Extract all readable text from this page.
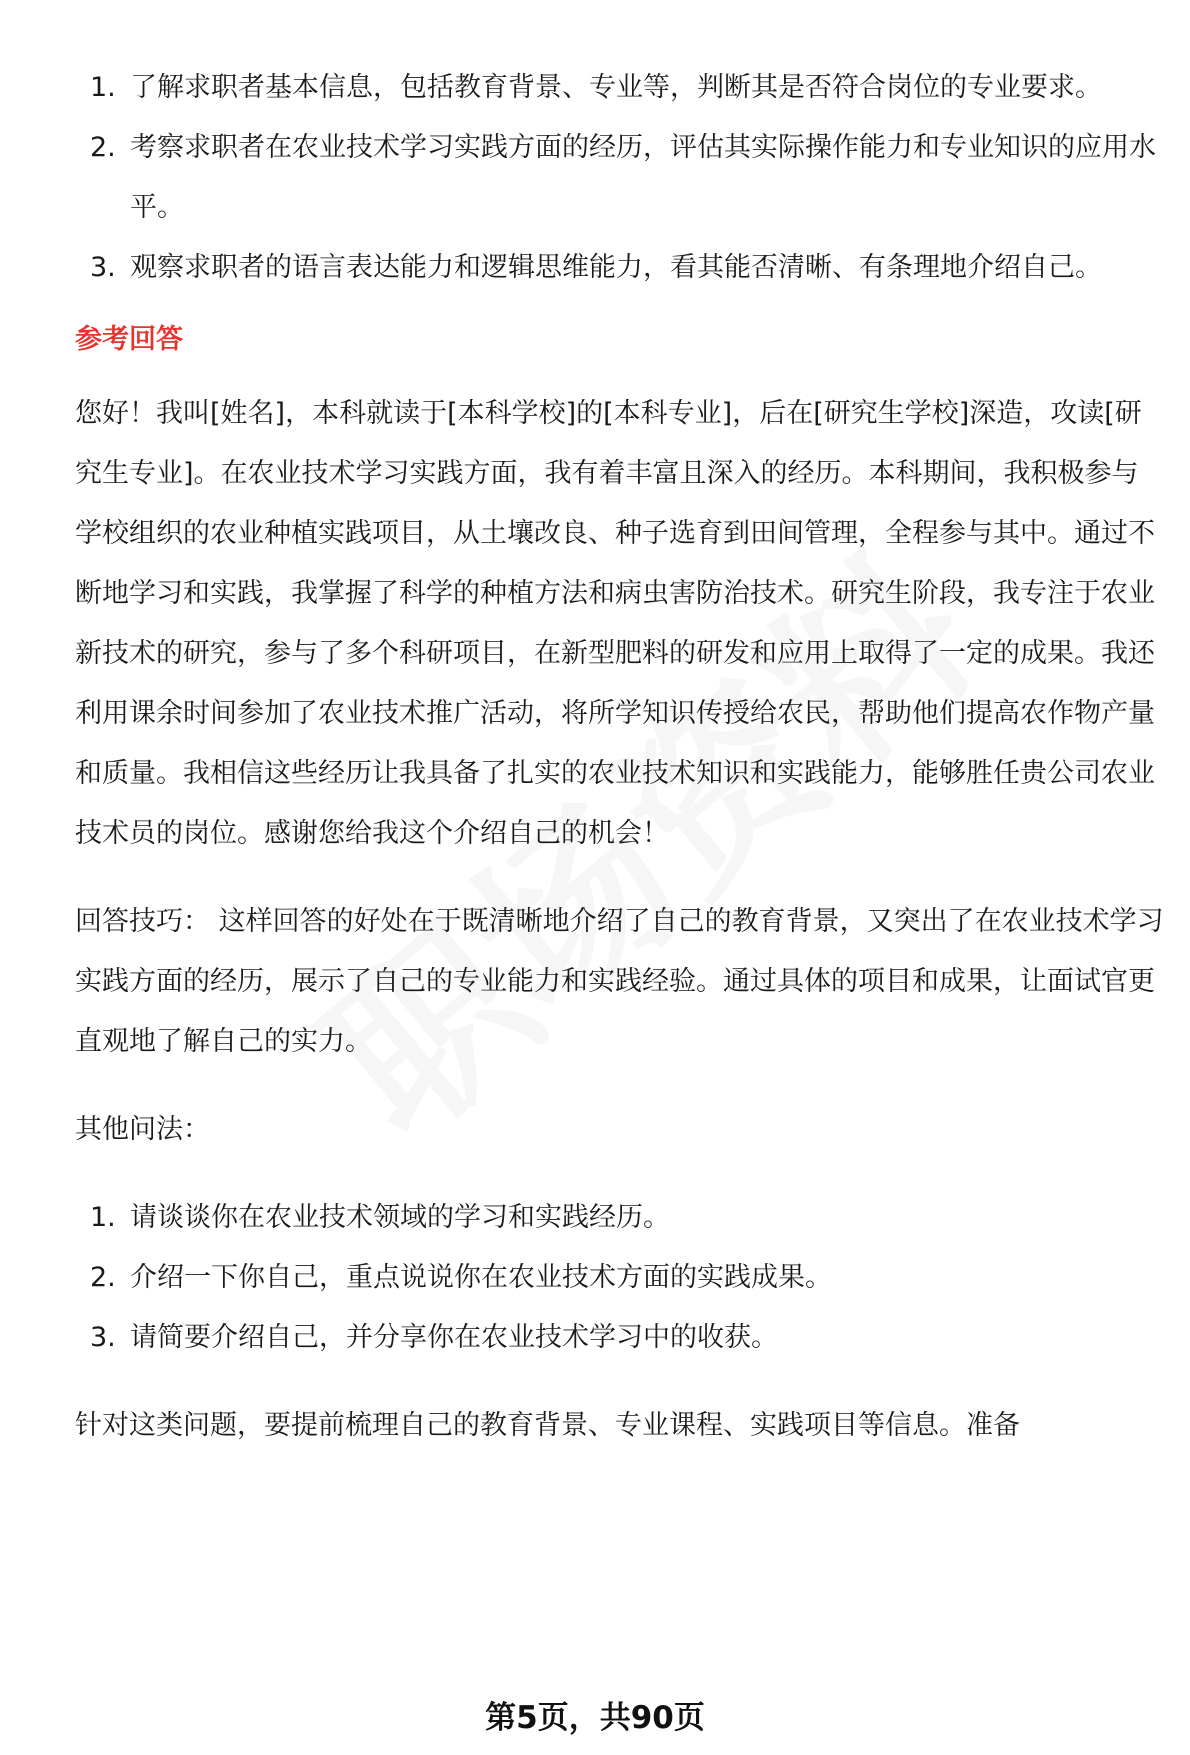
1. 了解求职者基本信息，包括教育背景、专业等，判断其是否符合岗位的专业要求。
2. 考察求职者在农业技术学习实践方面的经历，评估其实际操作能力和专业知识的应用水平。
3. 观察求职者的语言表达能力和逻辑思维能力，看其能否清晰、有条理地介绍自己。
参考回答

您好！我叫[姓名]，本科就读于[本科学校]的[本科专业]，后在[研究生学校]深造，攻读[研究生专业]。在农业技术学习实践方面，我有着丰富且深入的经历。本科期间，我积极参与学校组织的农业种植实践项目，从土壤改良、种子选育到田间管理，全程参与其中。通过不断地学习和实践，我掌握了科学的种植方法和病虫害防治技术。研究生阶段，我专注于农业新技术的研究，参与了多个科研项目，在新型肥料的研发和应用上取得了一定的成果。我还利用课余时间参加了农业技术推广活动，将所学知识传授给农民，帮助他们提高农作物产量和质量。我相信这些经历让我具备了扎实的农业技术知识和实践能力，能够胜任贵公司农业技术员的岗位。感谢您给我这个介绍自己的机会！

回答技巧： 这样回答的好处在于既清晰地介绍了自己的教育背景，又突出了在农业技术学习实践方面的经历，展示了自己的专业能力和实践经验。通过具体的项目和成果，让面试官更直观地了解自己的实力。

其他问法：

1. 请谈谈你在农业技术领域的学习和实践经历。
2. 介绍一下你自己，重点说说你在农业技术方面的实践成果。
3. 请简要介绍自己，并分享你在农业技术学习中的收获。

针对这类问题，要提前梳理自己的教育背景、专业课程、实践项目等信息。准备

第5页，共90页
